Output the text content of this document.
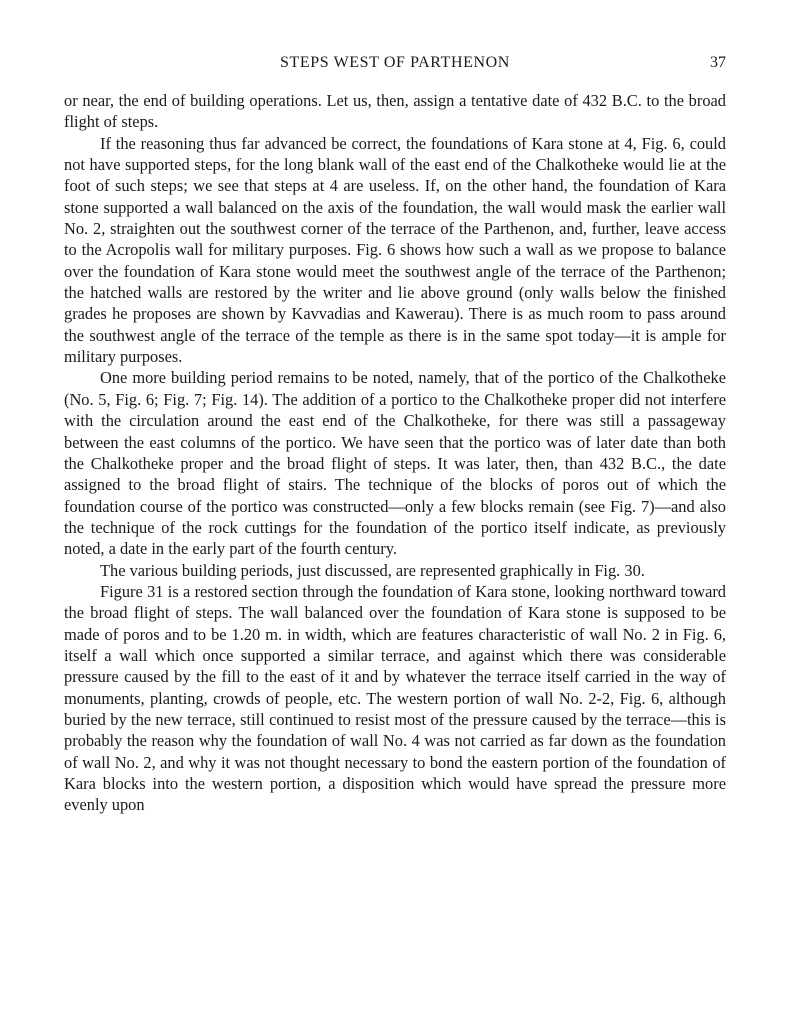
STEPS WEST OF PARTHENON	37

or near, the end of building operations. Let us, then, assign a tentative date of 432 B.C. to the broad flight of steps.

If the reasoning thus far advanced be correct, the foundations of Kara stone at 4, Fig. 6, could not have supported steps, for the long blank wall of the east end of the Chalkotheke would lie at the foot of such steps; we see that steps at 4 are useless. If, on the other hand, the foundation of Kara stone supported a wall balanced on the axis of the foundation, the wall would mask the earlier wall No. 2, straighten out the southwest corner of the terrace of the Parthenon, and, further, leave access to the Acropolis wall for military purposes. Fig. 6 shows how such a wall as we propose to balance over the foundation of Kara stone would meet the southwest angle of the terrace of the Parthenon; the hatched walls are restored by the writer and lie above ground (only walls below the finished grades he proposes are shown by Kavvadias and Kawerau). There is as much room to pass around the southwest angle of the terrace of the temple as there is in the same spot today—it is ample for military purposes.

One more building period remains to be noted, namely, that of the portico of the Chalkotheke (No. 5, Fig. 6; Fig. 7; Fig. 14). The addition of a portico to the Chalkotheke proper did not interfere with the circulation around the east end of the Chalkotheke, for there was still a passageway between the east columns of the portico. We have seen that the portico was of later date than both the Chalkotheke proper and the broad flight of steps. It was later, then, than 432 B.C., the date assigned to the broad flight of stairs. The technique of the blocks of poros out of which the foundation course of the portico was constructed—only a few blocks remain (see Fig. 7)—and also the technique of the rock cuttings for the foundation of the portico itself indicate, as previously noted, a date in the early part of the fourth century.

The various building periods, just discussed, are represented graphically in Fig. 30.

Figure 31 is a restored section through the foundation of Kara stone, looking northward toward the broad flight of steps. The wall balanced over the foundation of Kara stone is supposed to be made of poros and to be 1.20 m. in width, which are features characteristic of wall No. 2 in Fig. 6, itself a wall which once supported a similar terrace, and against which there was considerable pressure caused by the fill to the east of it and by whatever the terrace itself carried in the way of monuments, planting, crowds of people, etc. The western portion of wall No. 2-2, Fig. 6, although buried by the new terrace, still continued to resist most of the pressure caused by the terrace—this is probably the reason why the foundation of wall No. 4 was not carried as far down as the foundation of wall No. 2, and why it was not thought necessary to bond the eastern portion of the foundation of Kara blocks into the western portion, a disposition which would have spread the pressure more evenly upon
